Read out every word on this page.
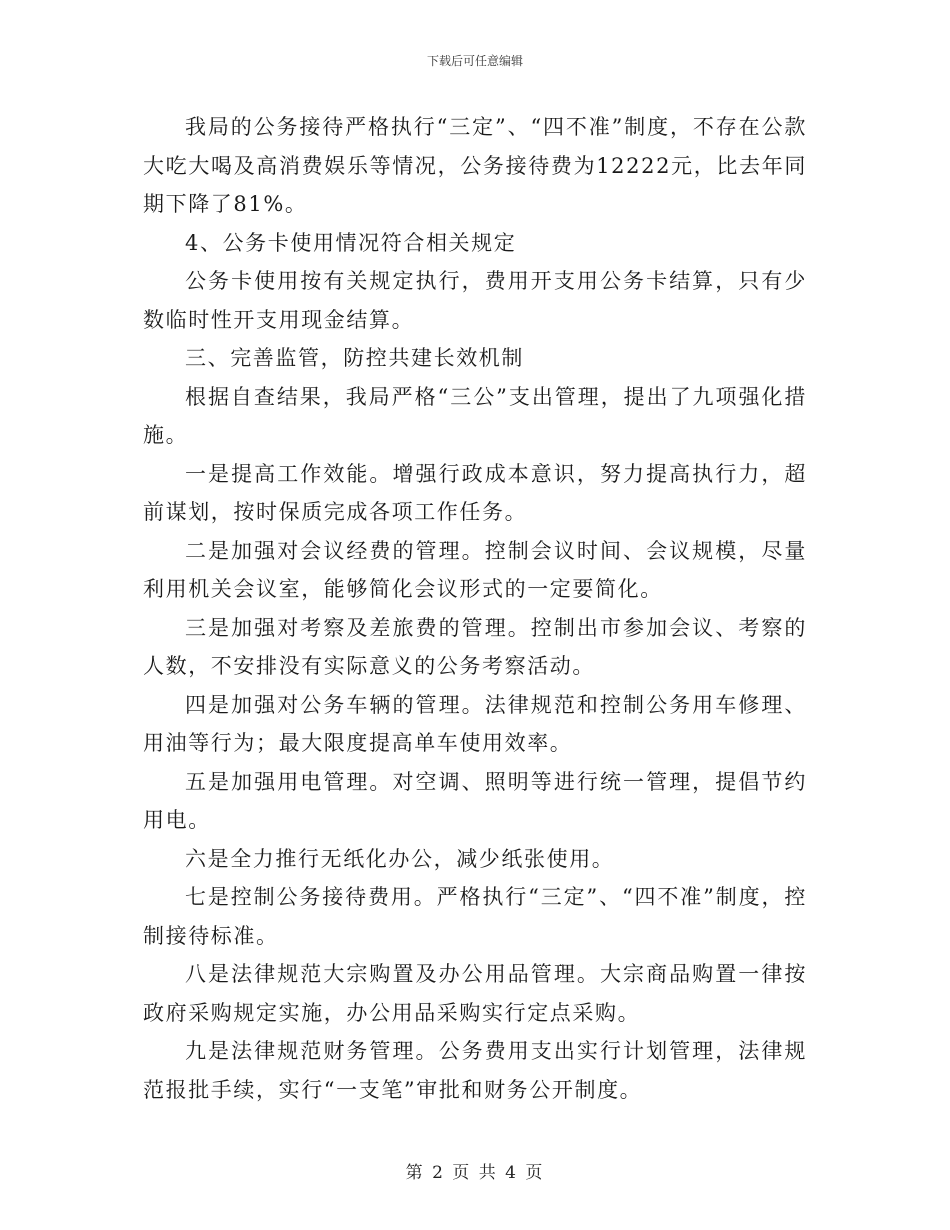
下载后可任意编辑

我局的公务接待严格执行“三定”、“四不准”制度，不存在公款大吃大喝及高消费娱乐等情况，公务接待费为12222元，比去年同期下降了81%。

4、公务卡使用情况符合相关规定

公务卡使用按有关规定执行，费用开支用公务卡结算，只有少数临时性开支用现金结算。

三、完善监管，防控共建长效机制

根据自查结果，我局严格“三公”支出管理，提出了九项强化措施。

一是提高工作效能。增强行政成本意识，努力提高执行力，超前谋划，按时保质完成各项工作任务。

二是加强对会议经费的管理。控制会议时间、会议规模，尽量利用机关会议室，能够简化会议形式的一定要简化。

三是加强对考察及差旅费的管理。控制出市参加会议、考察的人数，不安排没有实际意义的公务考察活动。

四是加强对公务车辆的管理。法律规范和控制公务用车修理、用油等行为；最大限度提高单车使用效率。

五是加强用电管理。对空调、照明等进行统一管理，提倡节约用电。

六是全力推行无纸化办公，减少纸张使用。

七是控制公务接待费用。严格执行“三定”、“四不准”制度，控制接待标准。

八是法律规范大宗购置及办公用品管理。大宗商品购置一律按政府采购规定实施，办公用品采购实行定点采购。

九是法律规范财务管理。公务费用支出实行计划管理，法律规范报批手续，实行“一支笔”审批和财务公开制度。

第 2 页 共 4 页
